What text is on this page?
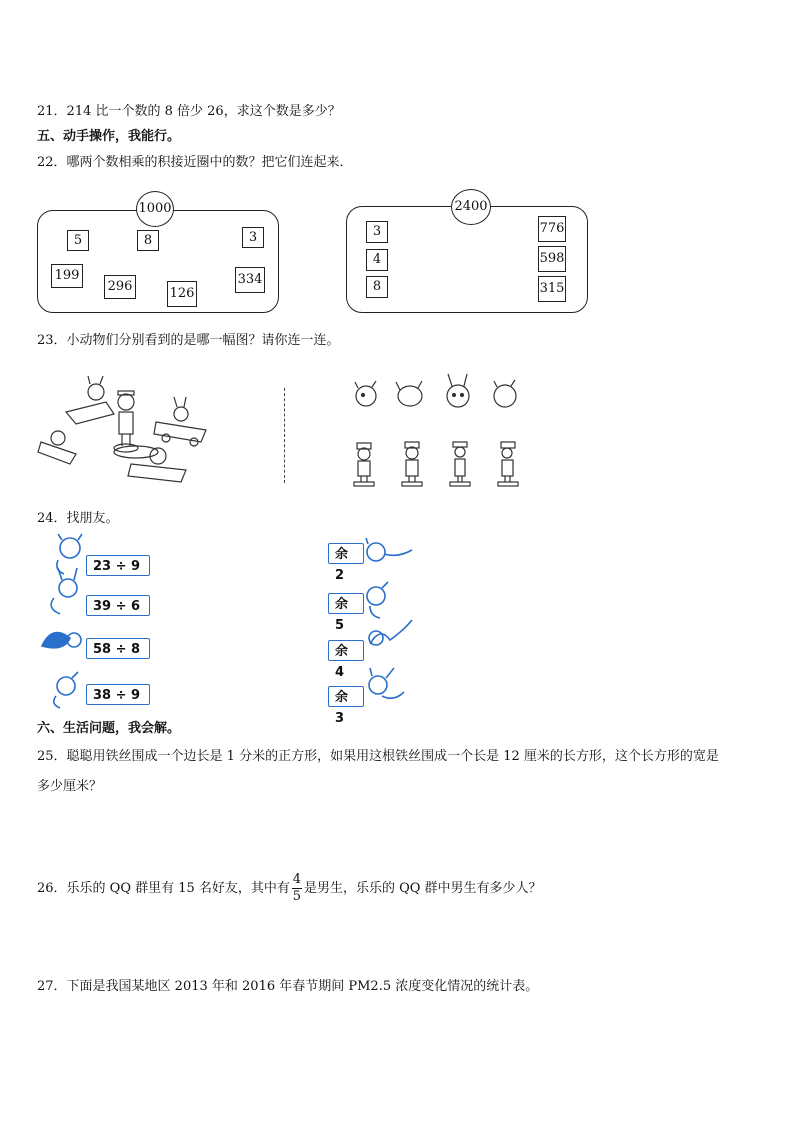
21．214 比一个数的 8 倍少 26，求这个数是多少？
五、动手操作，我能行。
22．哪两个数相乘的积接近圈中的数？把它们连起来．
1000
5	8	3
199
296	126
334
2400
3
4
8
776
598
315
23．小动物们分别看到的是哪一幅图？请你连一连。
24．找朋友。
23 ÷ 9
39 ÷ 6
58 ÷ 8
38 ÷ 9
余2
余5
余4
余3
六、生活问题，我会解。
25．聪聪用铁丝围成一个边长是 1 分米的正方形，如果用这根铁丝围成一个长是 12 厘米的长方形，这个长方形的宽是
多少厘米？
26．乐乐的 QQ 群里有 15 名好友，其中有 $\frac{4}{5}$ 是男生，乐乐的 QQ 群中男生有多少人？
27．下面是我国某地区 2013 年和 2016 年春节期间 PM2.5 浓度变化情况的统计表。
